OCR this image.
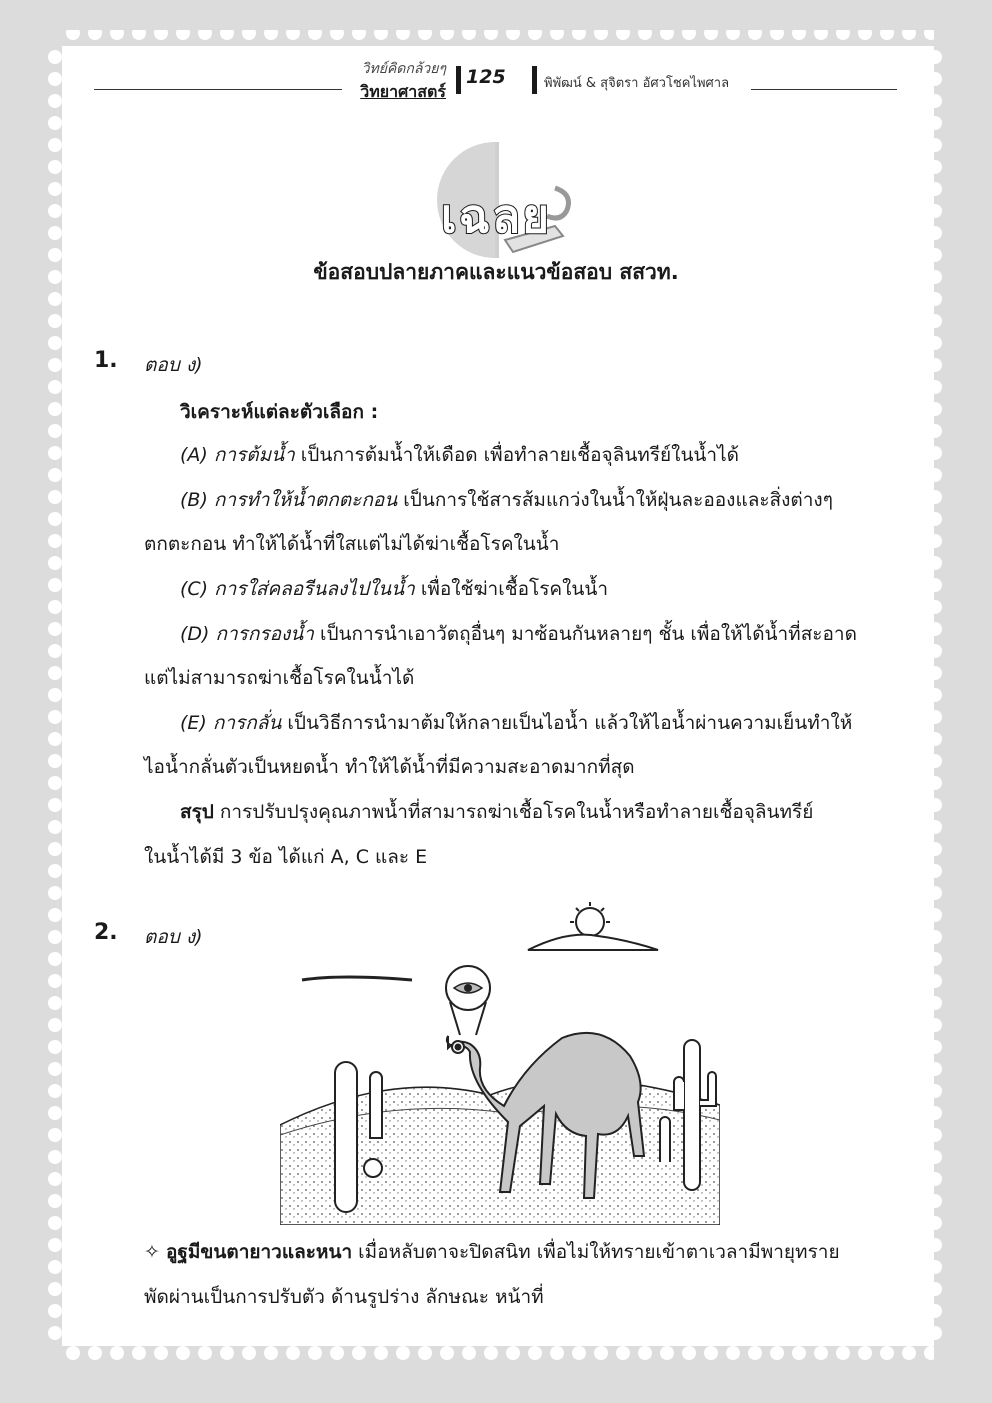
วิทย์คิดกล้วยๆ
วิทยาศาสตร์
125	พิพัฒน์ & สุจิตรา อัศวโชคไพศาล
เฉลย
ข้อสอบปลายภาคและแนวข้อสอบ สสวท.
1. ตอบ ง)
วิเคราะห์แต่ละตัวเลือก :
(A) การต้มน้ำ เป็นการต้มน้ำให้เดือด เพื่อทำลายเชื้อจุลินทรีย์ในน้ำได้
(B) การทำให้น้ำตกตะกอน เป็นการใช้สารส้มแกว่งในน้ำให้ฝุ่นละอองและสิ่งต่างๆ
ตกตะกอน ทำให้ได้น้ำที่ใสแต่ไม่ได้ฆ่าเชื้อโรคในน้ำ
(C) การใส่คลอรีนลงไปในน้ำ เพื่อใช้ฆ่าเชื้อโรคในน้ำ
(D) การกรองน้ำ เป็นการนำเอาวัตถุอื่นๆ มาซ้อนกันหลายๆ ชั้น เพื่อให้ได้น้ำที่สะอาด
แต่ไม่สามารถฆ่าเชื้อโรคในน้ำได้
(E) การกลั่น เป็นวิธีการนำมาต้มให้กลายเป็นไอน้ำ แล้วให้ไอน้ำผ่านความเย็นทำให้
ไอน้ำกลั่นตัวเป็นหยดน้ำ ทำให้ได้น้ำที่มีความสะอาดมากที่สุด
สรุป การปรับปรุงคุณภาพน้ำที่สามารถฆ่าเชื้อโรคในน้ำหรือทำลายเชื้อจุลินทรีย์
ในน้ำได้มี 3 ข้อ ได้แก่ A, C และ E
2. ตอบ ง)
✧ อูฐมีขนตายาวและหนา เมื่อหลับตาจะปิดสนิท เพื่อไม่ให้ทรายเข้าตาเวลามีพายุทราย
พัดผ่านเป็นการปรับตัว ด้านรูปร่าง ลักษณะ หน้าที่
